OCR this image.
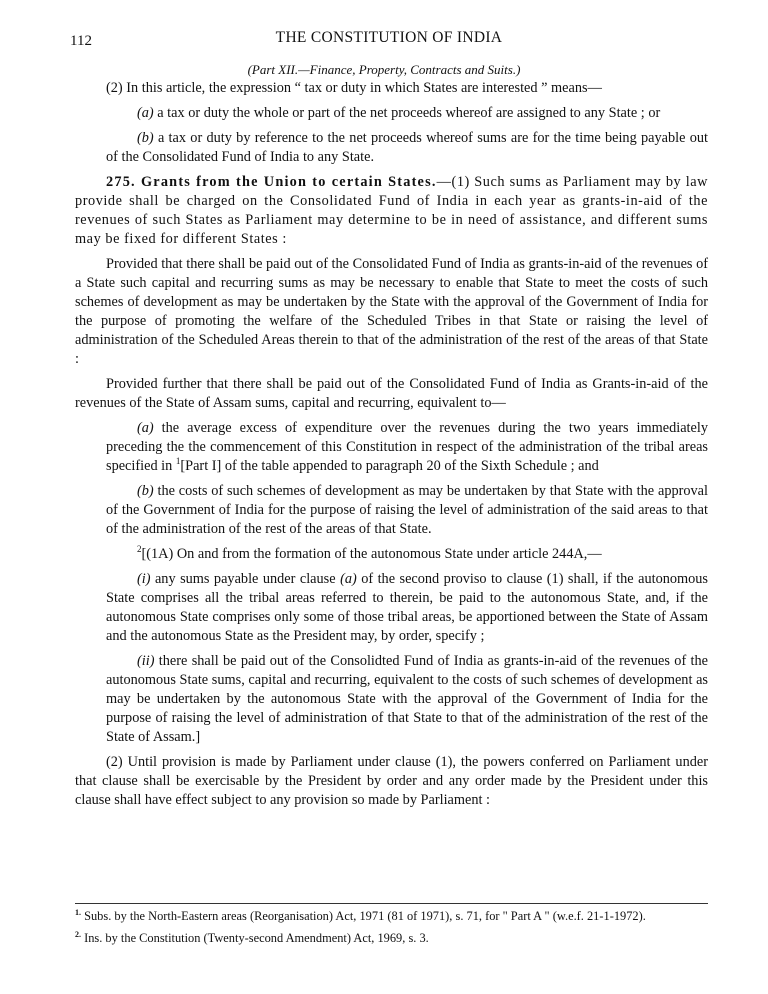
112	THE CONSTITUTION OF INDIA
(Part XII.—Finance, Property, Contracts and Suits.)

(2) In this article, the expression “ tax or duty in which States are interested ” means—

(a) a tax or duty the whole or part of the net proceeds whereof are assigned to any State ; or

(b) a tax or duty by reference to the net proceeds whereof sums are for the time being payable out of the Consolidated Fund of India to any State.

275. Grants from the Union to certain States.—(1) Such sums as Parliament may by law provide shall be charged on the Consolidated Fund of India in each year as grants-in-aid of the revenues of such States as Parliament may determine to be in need of assistance, and different sums may be fixed for different States :

Provided that there shall be paid out of the Consolidated Fund of India as grants-in-aid of the revenues of a State such capital and recurring sums as may be necessary to enable that State to meet the costs of such schemes of development as may be undertaken by the State with the approval of the Government of India for the purpose of promoting the welfare of the Scheduled Tribes in that State or raising the level of administration of the Scheduled Areas therein to that of the administration of the rest of the areas of that State :

Provided further that there shall be paid out of the Consolidated Fund of India as Grants-in-aid of the revenues of the State of Assam sums, capital and recurring, equivalent to—

(a) the average excess of expenditure over the revenues during the two years immediately preceding the the commencement of this Constitution in respect of the administration of the tribal areas specified in $^1$[Part I] of the table appended to paragraph 20 of the Sixth Schedule ; and

(b) the costs of such schemes of development as may be undertaken by that State with the approval of the Government of India for the purpose of raising the level of administration of the said areas to that of the administration of the rest of the areas of that State.

$^2$[(1A) On and from the formation of the autonomous State under article 244A,—

(i) any sums payable under clause (a) of the second proviso to clause (1) shall, if the autonomous State comprises all the tribal areas referred to therein, be paid to the autonomous State, and, if the autonomous State comprises only some of those tribal areas, be apportioned between the State of Assam and the autonomous State as the President may, by order, specify ;

(ii) there shall be paid out of the Consolidted Fund of India as grants-in-aid of the revenues of the autonomous State sums, capital and recurring, equivalent to the costs of such schemes of development as may be undertaken by the autonomous State with the approval of the Government of India for the purpose of raising the level of administration of that State to that of the administration of the rest of the State of Assam.]

(2) Until provision is made by Parliament under clause (1), the powers conferred on Parliament under that clause shall be exercisable by the President by order and any order made by the President under this clause shall have effect subject to any provision so made by Parliament :

$^{1.}$ Subs. by the North-Eastern areas (Reorganisation) Act, 1971 (81 of 1971), s. 71, for " Part A " (w.e.f. 21-1-1972).
$^{2.}$ Ins. by the Constitution (Twenty-second Amendment) Act, 1969, s. 3.
